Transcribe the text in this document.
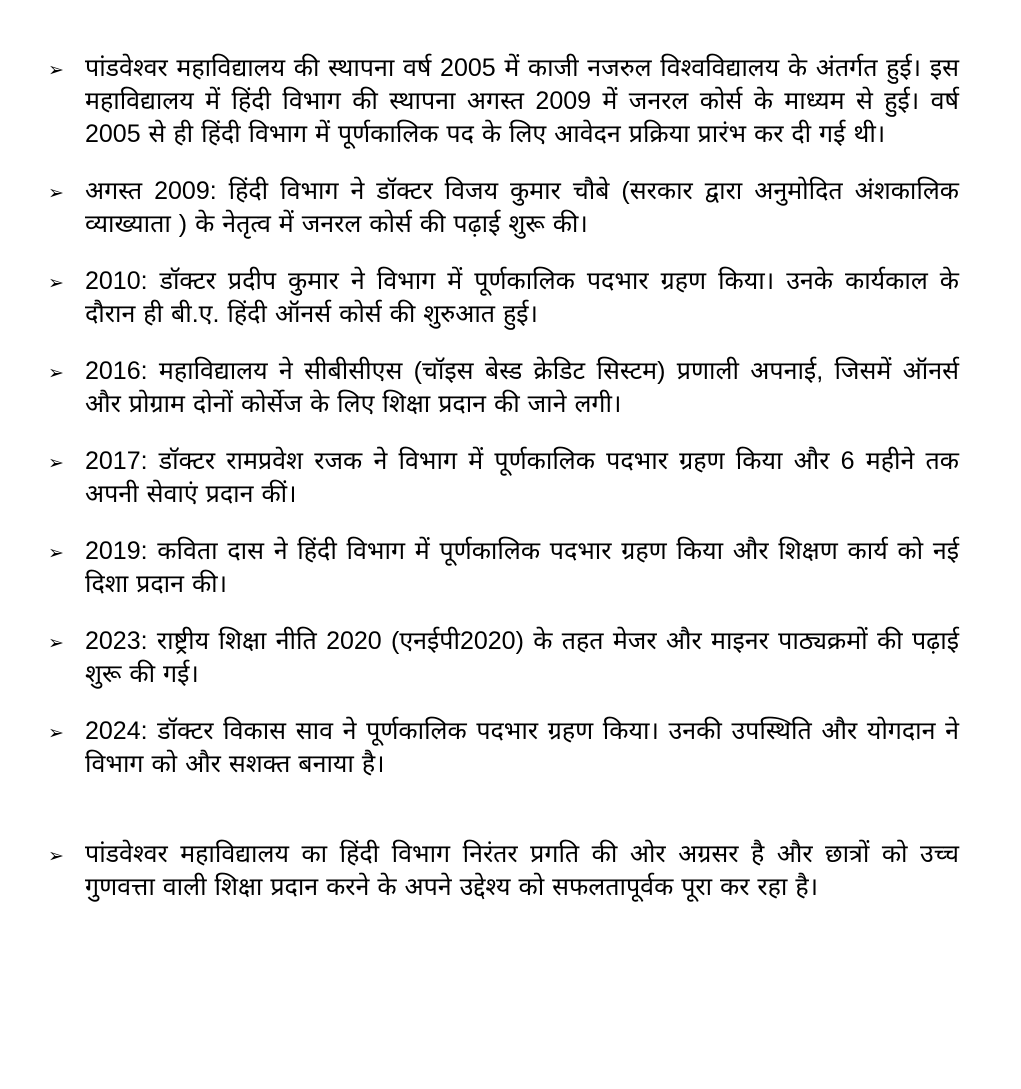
➢ पांडवेश्वर महाविद्यालय की स्थापना वर्ष 2005 में काजी नजरुल विश्वविद्यालय के अंतर्गत हुई। इस महाविद्यालय में हिंदी विभाग की स्थापना अगस्त 2009 में जनरल कोर्स के माध्यम से हुई। वर्ष 2005 से ही हिंदी विभाग में पूर्णकालिक पद के लिए आवेदन प्रक्रिया प्रारंभ कर दी गई थी।
➢ अगस्त 2009: हिंदी विभाग ने डॉक्टर विजय कुमार चौबे (सरकार द्वारा अनुमोदित अंशकालिक व्याख्याता ) के नेतृत्व में जनरल कोर्स की पढ़ाई शुरू की।
➢ 2010: डॉक्टर प्रदीप कुमार ने विभाग में पूर्णकालिक पदभार ग्रहण किया। उनके कार्यकाल के दौरान ही बी.ए. हिंदी ऑनर्स कोर्स की शुरुआत हुई।
➢ 2016: महाविद्यालय ने सीबीसीएस (चॉइस बेस्ड क्रेडिट सिस्टम) प्रणाली अपनाई, जिसमें ऑनर्स और प्रोग्राम दोनों कोर्सेज के लिए शिक्षा प्रदान की जाने लगी।
➢ 2017: डॉक्टर रामप्रवेश रजक ने विभाग में पूर्णकालिक पदभार ग्रहण किया और 6 महीने तक अपनी सेवाएं प्रदान कीं।
➢ 2019: कविता दास ने हिंदी विभाग में पूर्णकालिक पदभार ग्रहण किया और शिक्षण कार्य को नई दिशा प्रदान की।
➢ 2023: राष्ट्रीय शिक्षा नीति 2020 (एनईपी2020) के तहत मेजर और माइनर पाठ्यक्रमों की पढ़ाई शुरू की गई।
➢ 2024: डॉक्टर विकास साव ने पूर्णकालिक पदभार ग्रहण किया। उनकी उपस्थिति और योगदान ने विभाग को और सशक्त बनाया है।
➢ पांडवेश्वर महाविद्यालय का हिंदी विभाग निरंतर प्रगति की ओर अग्रसर है और छात्रों को उच्च गुणवत्ता वाली शिक्षा प्रदान करने के अपने उद्देश्य को सफलतापूर्वक पूरा कर रहा है।
